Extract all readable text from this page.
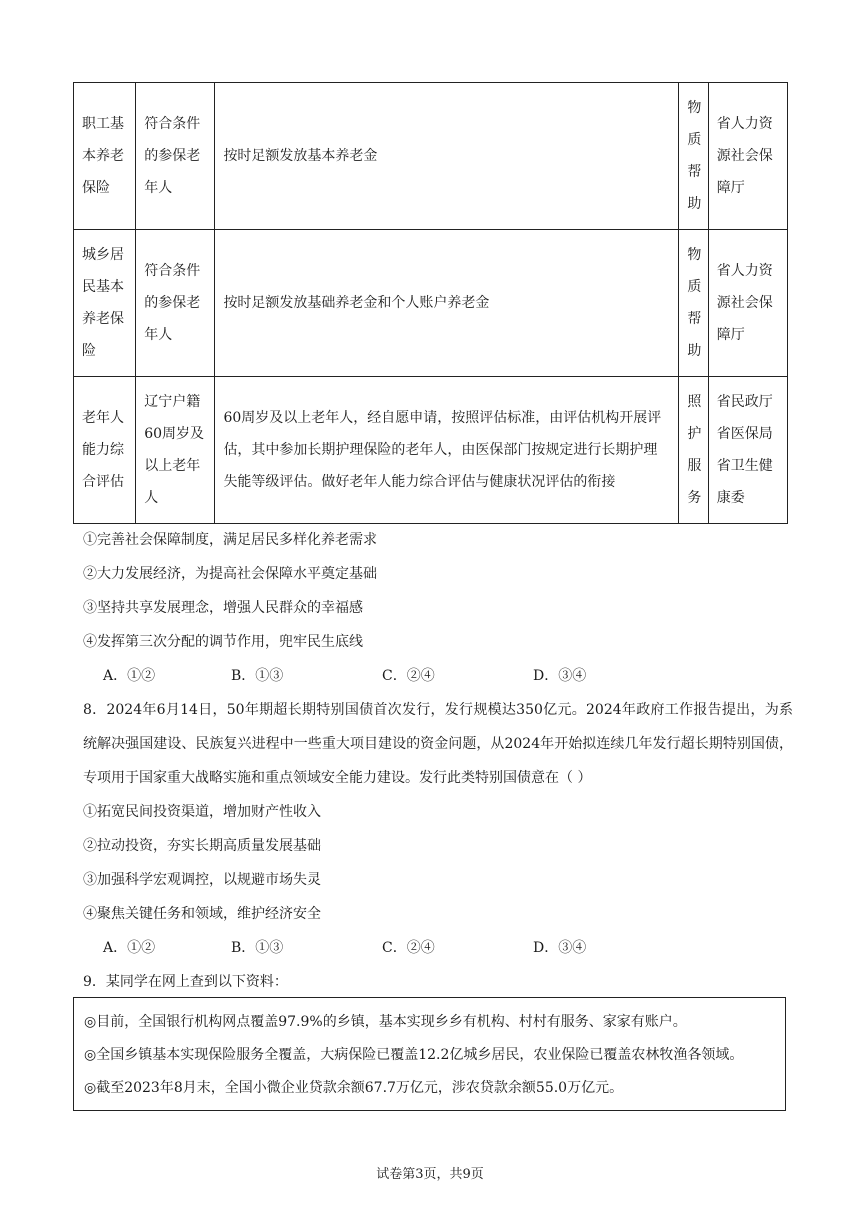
职工基
本养老
保险	符合条件
的参保老
年人	按时足额发放基本养老金	物
质
帮
助	省人力资
源社会保
障厅

城乡居
民基本
养老保
险	符合条件
的参保老
年人	按时足额发放基础养老金和个人账户养老金	物
质
帮
助	省人力资
源社会保
障厅

老年人
能力综
合评估	辽宁户籍
60周岁及
以上老年
人	60周岁及以上老年人，经自愿申请，按照评估标准，由评估机构开展评估，其中参加长期护理保险的老年人，由医保部门按规定进行长期护理失能等级评估。做好老年人能力综合评估与健康状况评估的衔接	照
护
服
务	省民政厅
省医保局
省卫生健
康委
①完善社会保障制度，满足居民多样化养老需求
②大力发展经济，为提高社会保障水平奠定基础
③坚持共享发展理念，增强人民群众的幸福感
④发挥第三次分配的调节作用，兜牢民生底线
A．①②	B．①③	C．②④	D．③④
8．2024年6月14日，50年期超长期特别国债首次发行，发行规模达350亿元。2024年政府工作报告提出，为系统解决强国建设、民族复兴进程中一些重大项目建设的资金问题，从2024年开始拟连续几年发行超长期特别国债，专项用于国家重大战略实施和重点领域安全能力建设。发行此类特别国债意在（ ）
①拓宽民间投资渠道，增加财产性收入
②拉动投资，夯实长期高质量发展基础
③加强科学宏观调控，以规避市场失灵
④聚焦关键任务和领域，维护经济安全
A．①②	B．①③	C．②④	D．③④
9．某同学在网上查到以下资料：
◎目前，全国银行机构网点覆盖97.9%的乡镇，基本实现乡乡有机构、村村有服务、家家有账户。
◎全国乡镇基本实现保险服务全覆盖，大病保险已覆盖12.2亿城乡居民，农业保险已覆盖农林牧渔各领域。
◎截至2023年8月末，全国小微企业贷款余额67.7万亿元，涉农贷款余额55.0万亿元。
试卷第3页，共9页
